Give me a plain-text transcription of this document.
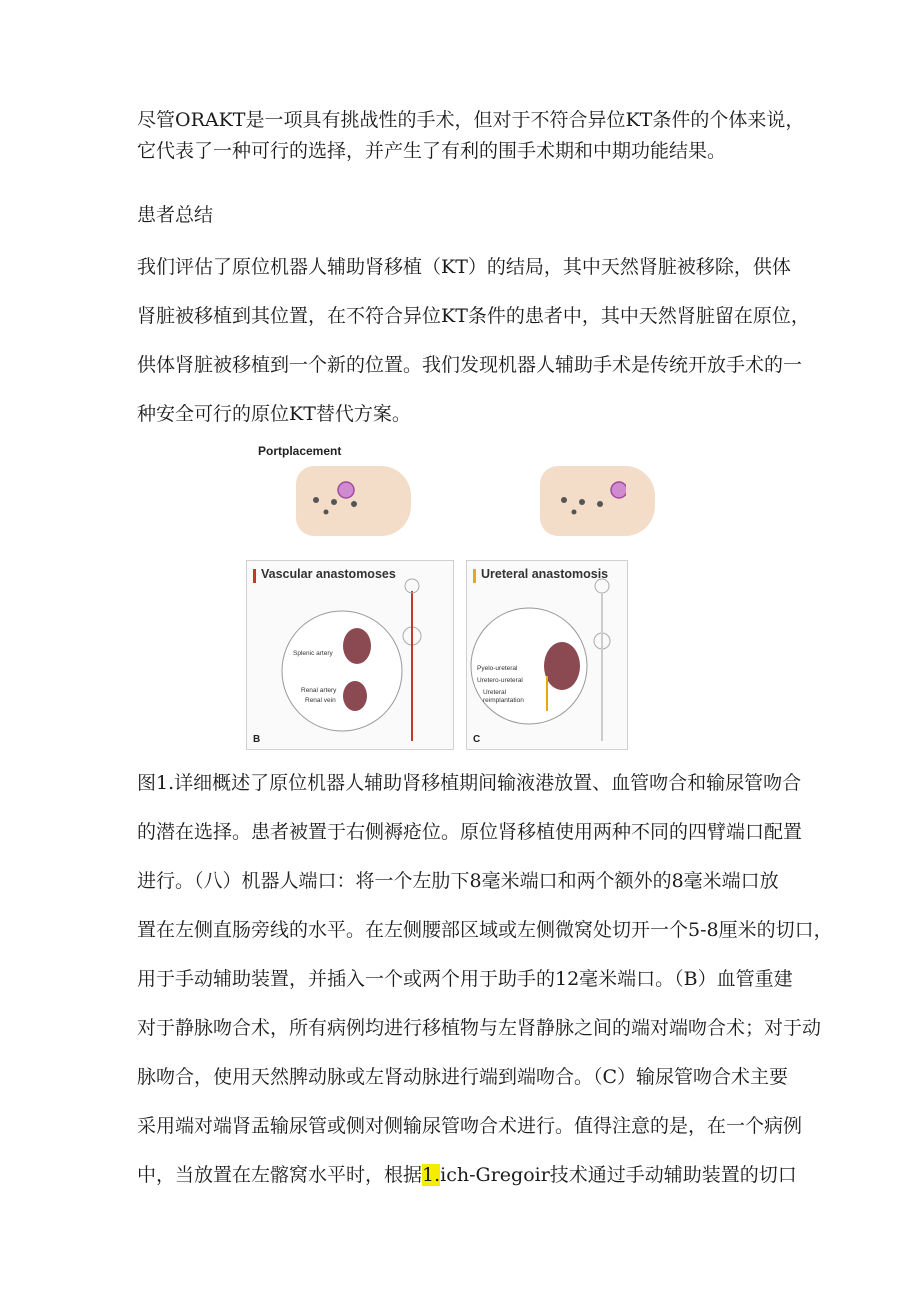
尽管ORAKT是一项具有挑战性的手术，但对于不符合异位KT条件的个体来说，
它代表了一种可行的选择，并产生了有利的围手术期和中期功能结果。
患者总结
我们评估了原位机器人辅助肾移植（KT）的结局，其中天然肾脏被移除，供体
肾脏被移植到其位置，在不符合异位KT条件的患者中，其中天然肾脏留在原位，
供体肾脏被移植到一个新的位置。我们发现机器人辅助手术是传统开放手术的一
种安全可行的原位KT替代方案。
Portplacement
Vascular anastomoses
Splenic artery
Renal artery
Renal vein
B
Ureteral anastomosis
Pyelo-ureteral
Uretero-ureteral
Ureteral
reimplantation
C
图1.详细概述了原位机器人辅助肾移植期间输液港放置、血管吻合和输尿管吻合
的潜在选择。患者被置于右侧褥疮位。原位肾移植使用两种不同的四臂端口配置
进行。（八）机器人端口：将一个左肋下8毫米端口和两个额外的8毫米端口放
置在左侧直肠旁线的水平。在左侧腰部区域或左侧微窝处切开一个5-8厘米的切口，
用于手动辅助装置，并插入一个或两个用于助手的12毫米端口。（B）血管重建
对于静脉吻合术，所有病例均进行移植物与左肾静脉之间的端对端吻合术；对于动
脉吻合，使用天然脾动脉或左肾动脉进行端到端吻合。（C）输尿管吻合术主要
采用端对端肾盂输尿管或侧对侧输尿管吻合术进行。值得注意的是，在一个病例
中，当放置在左髂窝水平时，根据1.ich-Gregoir技术通过手动辅助装置的切口
